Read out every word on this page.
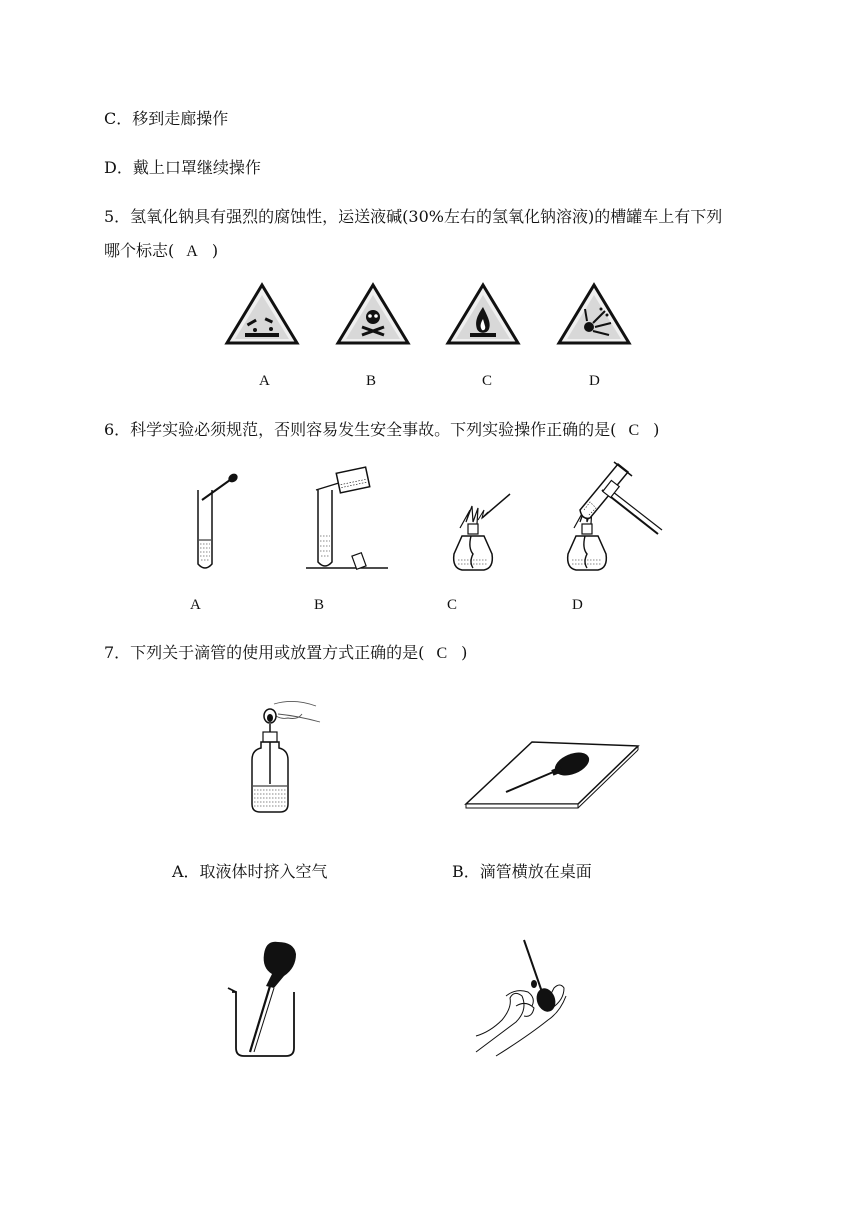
C．移到走廊操作
D．戴上口罩继续操作
5．氢氧化钠具有强烈的腐蚀性，运送液碱(30%左右的氢氧化钠溶液)的槽罐车上有下列
哪个标志( A )
A	B	C	D
6．科学实验必须规范，否则容易发生安全事故。下列实验操作正确的是( C )
A	B	C	D
7．下列关于滴管的使用或放置方式正确的是( C )
A．取液体时挤入空气	B．滴管横放在桌面
